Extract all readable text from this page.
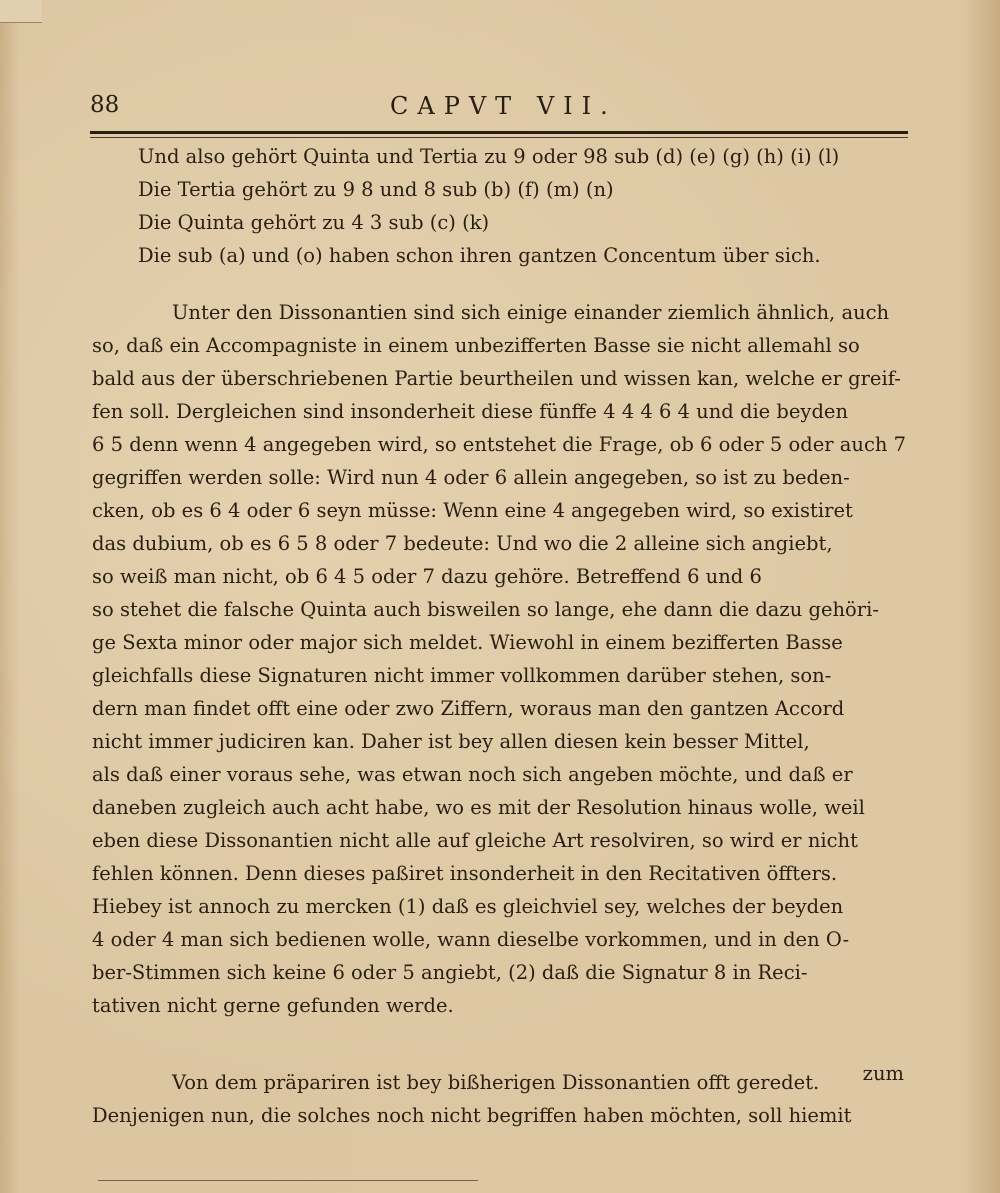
88	CAPVT VII.
Und also gehört Quinta und Tertia zu 9 oder 98 sub (d) (e) (g) (h) (i) (l)
Die Tertia gehört zu 9 8 und 8 sub (b) (f) (m) (n)
Die Quinta gehört zu 4 3 sub (c) (k)
Die sub (a) und (o) haben schon ihren gantzen Concentum über sich.
Unter den Dissonantien sind sich einige einander ziemlich ähnlich, auch
so, daß ein Accompagniste in einem unbezifferten Basse sie nicht allemahl so
bald aus der überschriebenen Partie beurtheilen und wissen kan, welche er greif-
fen soll. Dergleichen sind insonderheit diese fünffe 4 4 4 6 4 und die beyden
6 5 denn wenn 4 angegeben wird, so entstehet die Frage, ob 6 oder 5 oder auch 7
gegriffen werden solle: Wird nun 4 oder 6 allein angegeben, so ist zu beden-
cken, ob es 6 4 oder 6 seyn müsse: Wenn eine 4 angegeben wird, so existiret
das dubium, ob es 6 5 8 oder 7 bedeute: Und wo die 2 alleine sich angiebt,
so weiß man nicht, ob 6 4 5 oder 7 dazu gehöre. Betreffend 6 und 6
so stehet die falsche Quinta auch bisweilen so lange, ehe dann die dazu gehöri-
ge Sexta minor oder major sich meldet. Wiewohl in einem bezifferten Basse
gleichfalls diese Signaturen nicht immer vollkommen darüber stehen, son-
dern man findet offt eine oder zwo Ziffern, woraus man den gantzen Accord
nicht immer judiciren kan. Daher ist bey allen diesen kein besser Mittel,
als daß einer voraus sehe, was etwan noch sich angeben möchte, und daß er
daneben zugleich auch acht habe, wo es mit der Resolution hinaus wolle, weil
eben diese Dissonantien nicht alle auf gleiche Art resolviren, so wird er nicht
fehlen können. Denn dieses paßiret insonderheit in den Recitativen öffters.
Hiebey ist annoch zu mercken (1) daß es gleichviel sey, welches der beyden
4 oder 4 man sich bedienen wolle, wann dieselbe vorkommen, und in den O-
ber-Stimmen sich keine 6 oder 5 angiebt, (2) daß die Signatur 8 in Reci-
tativen nicht gerne gefunden werde.
Von dem präpariren ist bey bißherigen Dissonantien offt geredet.
Denjenigen nun, die solches noch nicht begriffen haben möchten, soll hiemit
zum
